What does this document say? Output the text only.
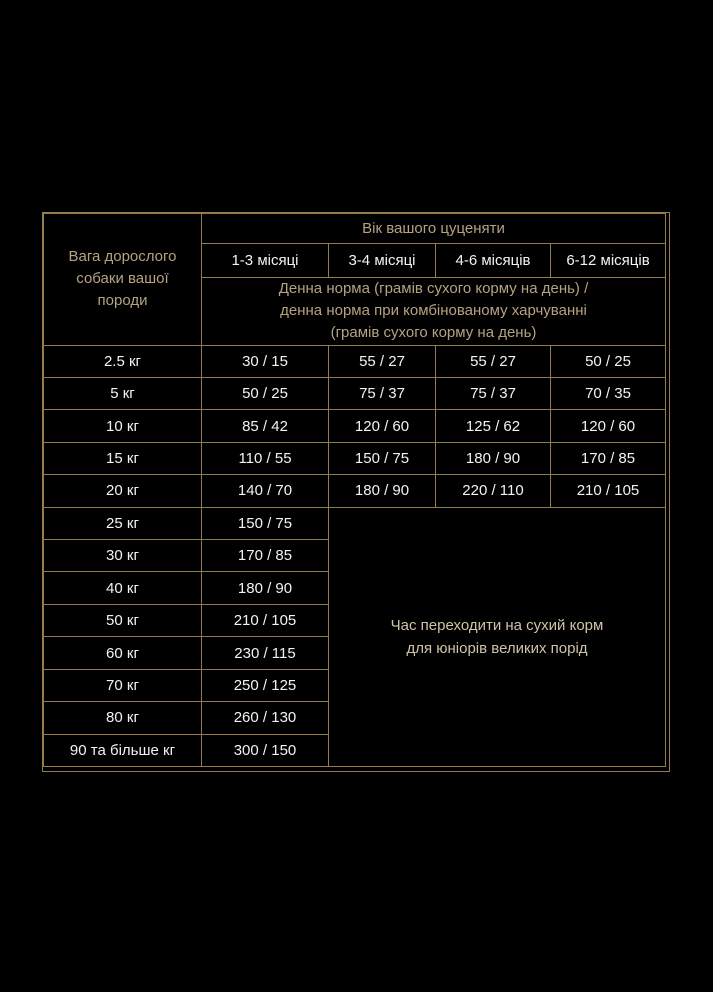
Вага дорослого
собаки вашої
породи	Вік вашого цуценяти			
	1-3 місяці	3-4 місяці	4-6 місяців	6-12 місяців

	Денна норма (грамів сухого корму на день) /
денна норма при комбінованому харчуванні
(грамів сухого корму на день)			

2.5 кг	30 / 15	55 / 27	55 / 27	50 / 25
5 кг	50 / 25	75 / 37	75 / 37	70 / 35
10 кг	85 / 42	120 / 60	125 / 62	120 / 60
15 кг	110 / 55	150 / 75	180 / 90	170 / 85
20 кг	140 / 70	180 / 90	220 / 110	210 / 105
25 кг	150 / 75	Час переходити на сухий корм
для юніорів великих порід		

30 кг	170 / 85			
40 кг	180 / 90			
50 кг	210 / 105			
60 кг	230 / 115			
70 кг	250 / 125			
80 кг	260 / 130			
90 та більше кг	300 / 150			
